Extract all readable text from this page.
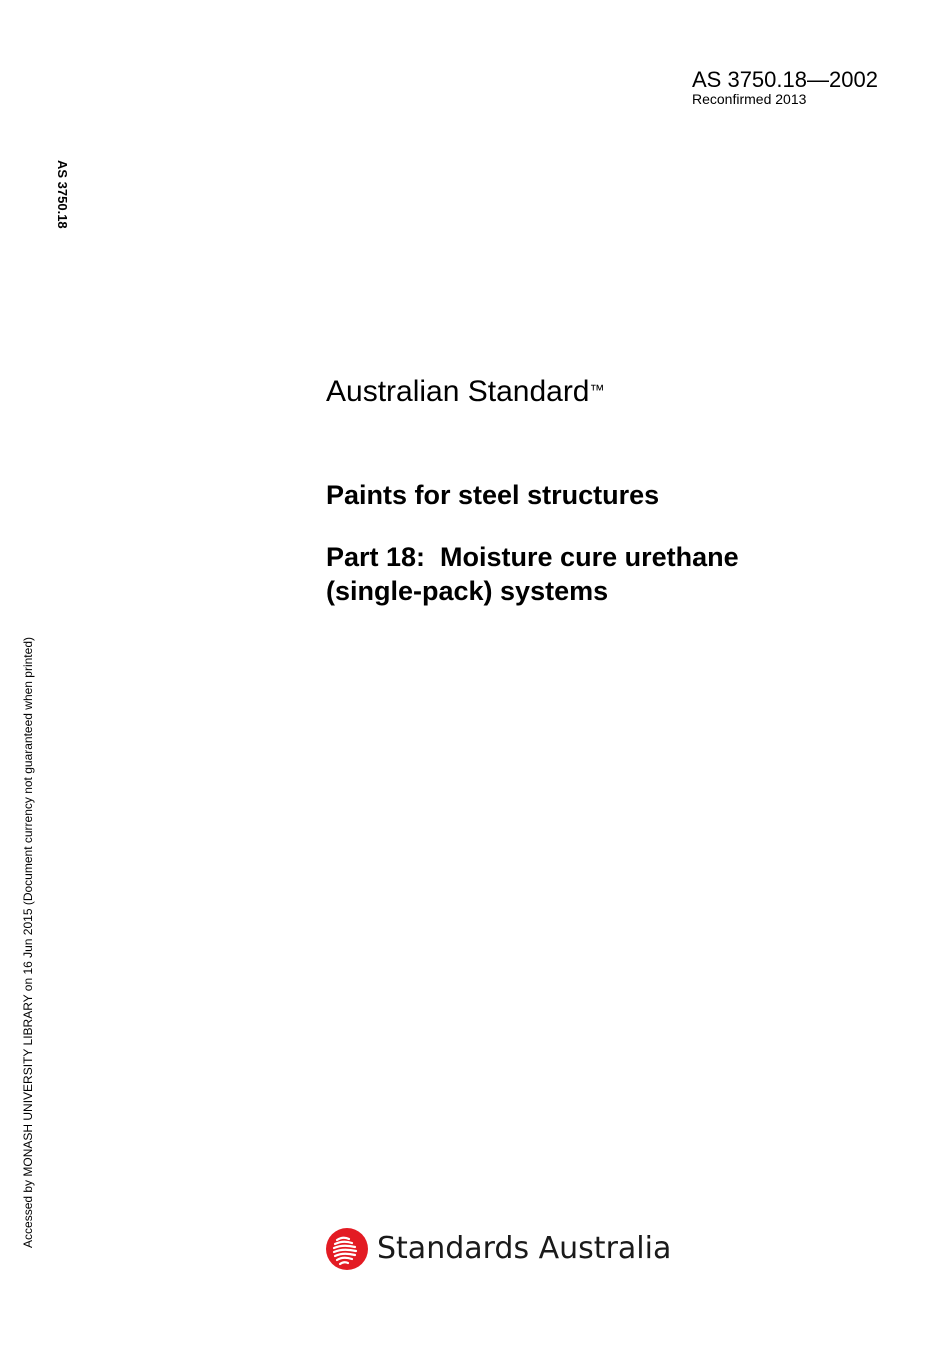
AS 3750.18—2002
Reconfirmed 2013
AS 3750.18
Accessed by MONASH UNIVERSITY LIBRARY on 16 Jun 2015 (Document currency not guaranteed when printed)
Australian Standard™
Paints for steel structures
Part 18:  Moisture cure urethane
(single-pack) systems
Standards Australia
